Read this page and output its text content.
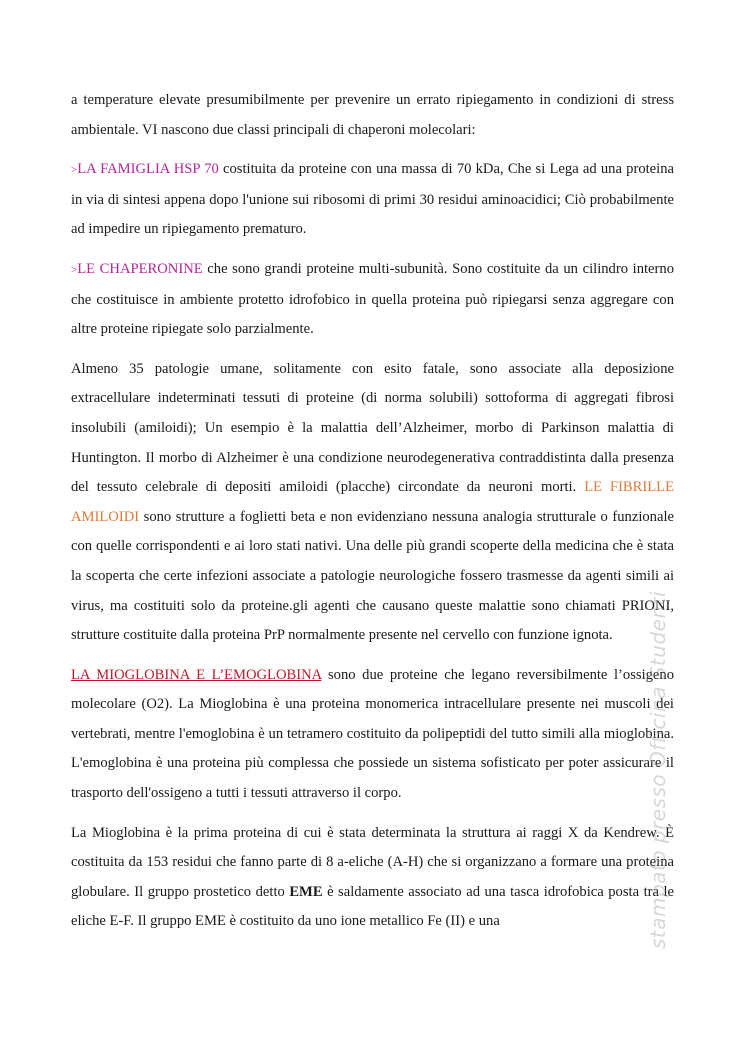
a temperature elevate presumibilmente per prevenire un errato ripiegamento in condizioni di stress ambientale. VI nascono due classi principali di chaperoni molecolari:

>LA FAMIGLIA HSP 70 costituita da proteine con una massa di 70 kDa, Che si Lega ad una proteina in via di sintesi appena dopo l'unione sui ribosomi di primi 30 residui aminoacidici; Ciò probabilmente ad impedire un ripiegamento prematuro.

>LE CHAPERONINE che sono grandi proteine multi-subunità. Sono costituite da un cilindro interno che costituisce in ambiente protetto idrofobico in quella proteina può ripiegarsi senza aggregare con altre proteine ripiegate solo parzialmente.

Almeno 35 patologie umane, solitamente con esito fatale, sono associate alla deposizione extracellulare indeterminati tessuti di proteine (di norma solubili) sottoforma di aggregati fibrosi insolubili (amiloidi); Un esempio è la malattia dell’Alzheimer, morbo di Parkinson malattia di Huntington. Il morbo di Alzheimer è una condizione neurodegenerativa contraddistinta dalla presenza del tessuto celebrale di depositi amiloidi (placche) circondate da neuroni morti. LE FIBRILLE AMILOIDI sono strutture a foglietti beta e non evidenziano nessuna analogia strutturale o funzionale con quelle corrispondenti e ai loro stati nativi. Una delle più grandi scoperte della medicina che è stata la scoperta che certe infezioni associate a patologie neurologiche fossero trasmesse da agenti simili ai virus, ma costituiti solo da proteine.gli agenti che causano queste malattie sono chiamati PRIONI, strutture costituite dalla proteina PrP normalmente presente nel cervello con funzione ignota.

LA MIOGLOBINA E L’EMOGLOBINA sono due proteine che legano reversibilmente l’ossigeno molecolare (O2). La Mioglobina è una proteina monomerica intracellulare presente nei muscoli dei vertebrati, mentre l'emoglobina è un tetramero costituito da polipeptidi del tutto simili alla mioglobina. L'emoglobina è una proteina più complessa che possiede un sistema sofisticato per poter assicurare il trasporto dell'ossigeno a tutti i tessuti attraverso il corpo.

La Mioglobina è la prima proteina di cui è stata determinata la struttura ai raggi X da Kendrew. È costituita da 153 residui che fanno parte di 8 a-eliche (A-H) che si organizzano a formare una proteina globulare. Il gruppo prostetico detto EME è saldamente associato ad una tasca idrofobica posta tra le eliche E-F. Il gruppo EME è costituito da uno ione metallico Fe (II) e una	stampato presso Officina Studenti
